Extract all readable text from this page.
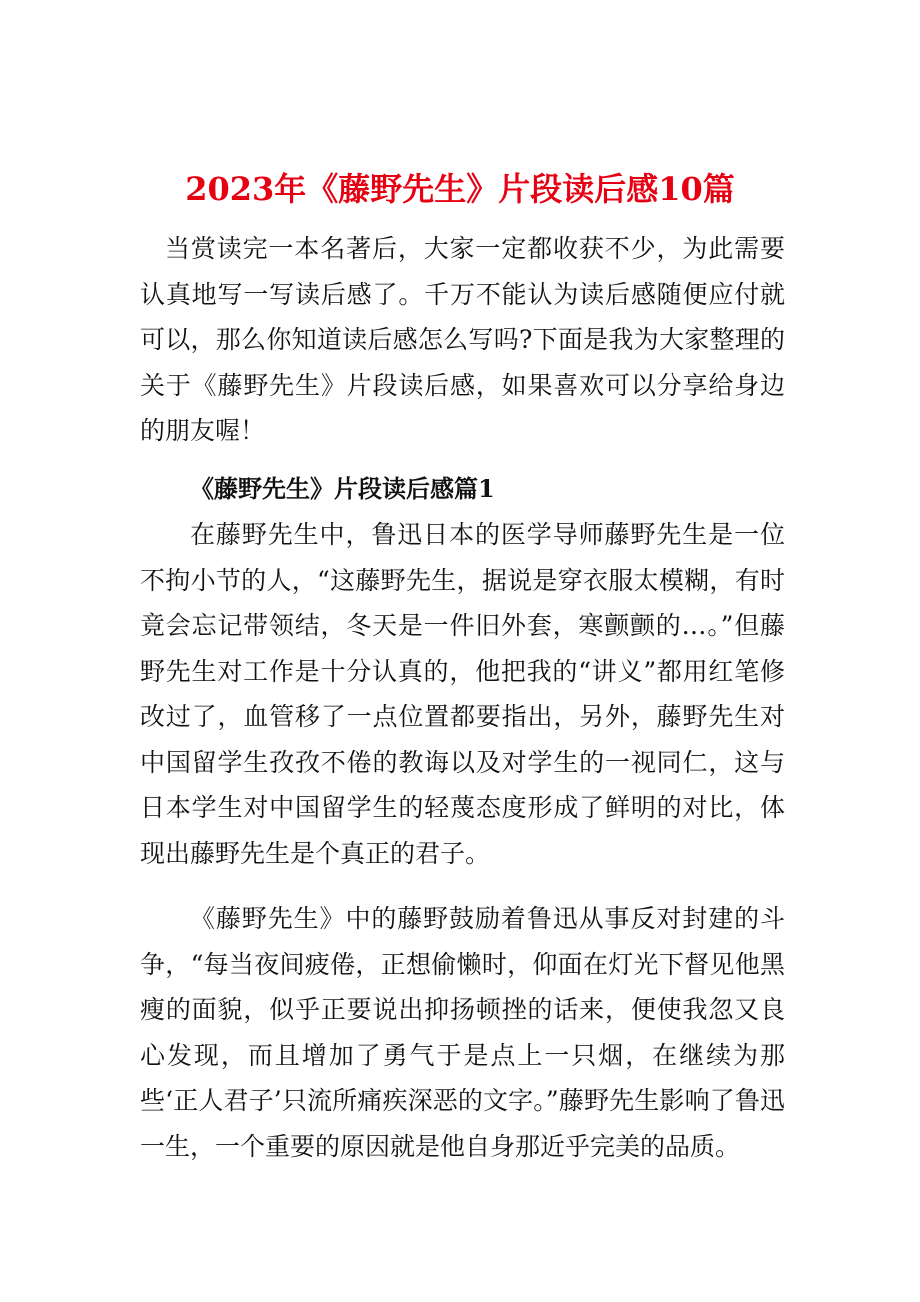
2023年《藤野先生》片段读后感10篇

当赏读完一本名著后，大家一定都收获不少，为此需要认真地写一写读后感了。千万不能认为读后感随便应付就可以，那么你知道读后感怎么写吗?下面是我为大家整理的关于《藤野先生》片段读后感，如果喜欢可以分享给身边的朋友喔！

《藤野先生》片段读后感篇1

在藤野先生中，鲁迅日本的医学导师藤野先生是一位不拘小节的人，“这藤野先生，据说是穿衣服太模糊，有时竟会忘记带领结，冬天是一件旧外套，寒颤颤的…。”但藤野先生对工作是十分认真的，他把我的“讲义”都用红笔修改过了，血管移了一点位置都要指出，另外，藤野先生对中国留学生孜孜不倦的教诲以及对学生的一视同仁，这与日本学生对中国留学生的轻蔑态度形成了鲜明的对比，体现出藤野先生是个真正的君子。

《藤野先生》中的藤野鼓励着鲁迅从事反对封建的斗争，“每当夜间疲倦，正想偷懒时，仰面在灯光下督见他黑瘦的面貌，似乎正要说出抑扬顿挫的话来，便使我忽又良心发现，而且增加了勇气于是点上一只烟，在继续为那些‘正人君子’只流所痛疾深恶的文字。”藤野先生影响了鲁迅一生，一个重要的原因就是他自身那近乎完美的品质。
